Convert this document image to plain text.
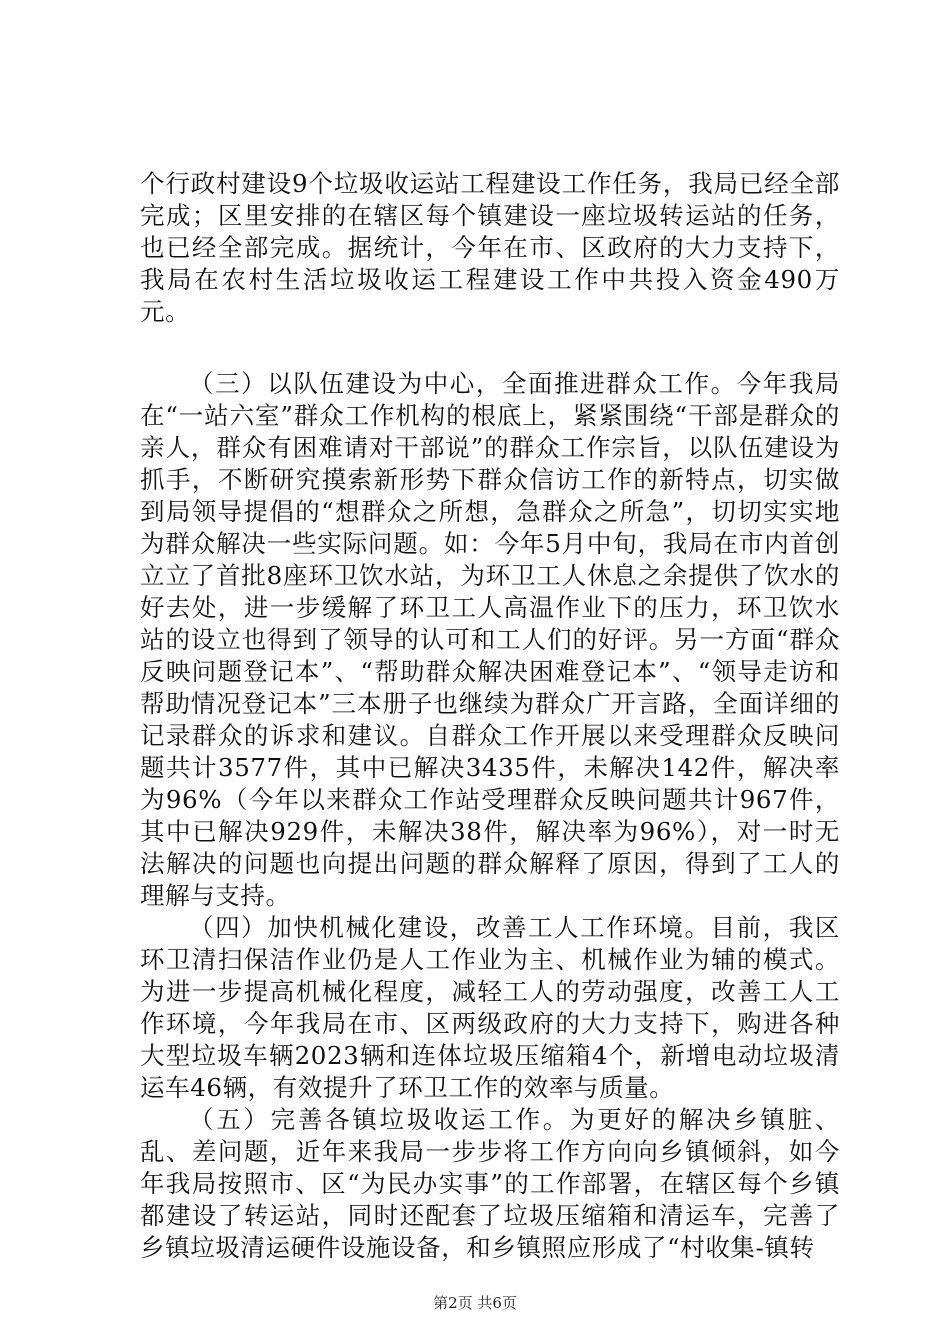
个行政村建设9个垃圾收运站工程建设工作任务，我局已经全部完成；区里安排的在辖区每个镇建设一座垃圾转运站的任务，也已经全部完成。据统计，今年在市、区政府的大力支持下，我局在农村生活垃圾收运工程建设工作中共投入资金490万元。

（三）以队伍建设为中心，全面推进群众工作。今年我局在“一站六室”群众工作机构的根底上，紧紧围绕“干部是群众的亲人，群众有困难请对干部说”的群众工作宗旨，以队伍建设为抓手，不断研究摸索新形势下群众信访工作的新特点，切实做到局领导提倡的“想群众之所想，急群众之所急”，切切实实地为群众解决一些实际问题。如：今年5月中旬，我局在市内首创立立了首批8座环卫饮水站，为环卫工人休息之余提供了饮水的好去处，进一步缓解了环卫工人高温作业下的压力，环卫饮水站的设立也得到了领导的认可和工人们的好评。另一方面“群众反映问题登记本”、“帮助群众解决困难登记本”、“领导走访和帮助情况登记本”三本册子也继续为群众广开言路，全面详细的记录群众的诉求和建议。自群众工作开展以来受理群众反映问题共计3577件，其中已解决3435件，未解决142件，解决率为96%（今年以来群众工作站受理群众反映问题共计967件，其中已解决929件，未解决38件，解决率为96%），对一时无法解决的问题也向提出问题的群众解释了原因，得到了工人的理解与支持。

（四）加快机械化建设，改善工人工作环境。目前，我区环卫清扫保洁作业仍是人工作业为主、机械作业为辅的模式。为进一步提高机械化程度，减轻工人的劳动强度，改善工人工作环境，今年我局在市、区两级政府的大力支持下，购进各种大型垃圾车辆2023辆和连体垃圾压缩箱4个，新增电动垃圾清运车46辆，有效提升了环卫工作的效率与质量。

（五）完善各镇垃圾收运工作。为更好的解决乡镇脏、乱、差问题，近年来我局一步步将工作方向向乡镇倾斜，如今年我局按照市、区“为民办实事”的工作部署，在辖区每个乡镇都建设了转运站，同时还配套了垃圾压缩箱和清运车，完善了乡镇垃圾清运硬件设施设备，和乡镇照应形成了“村收集-镇转

第2页 共6页
